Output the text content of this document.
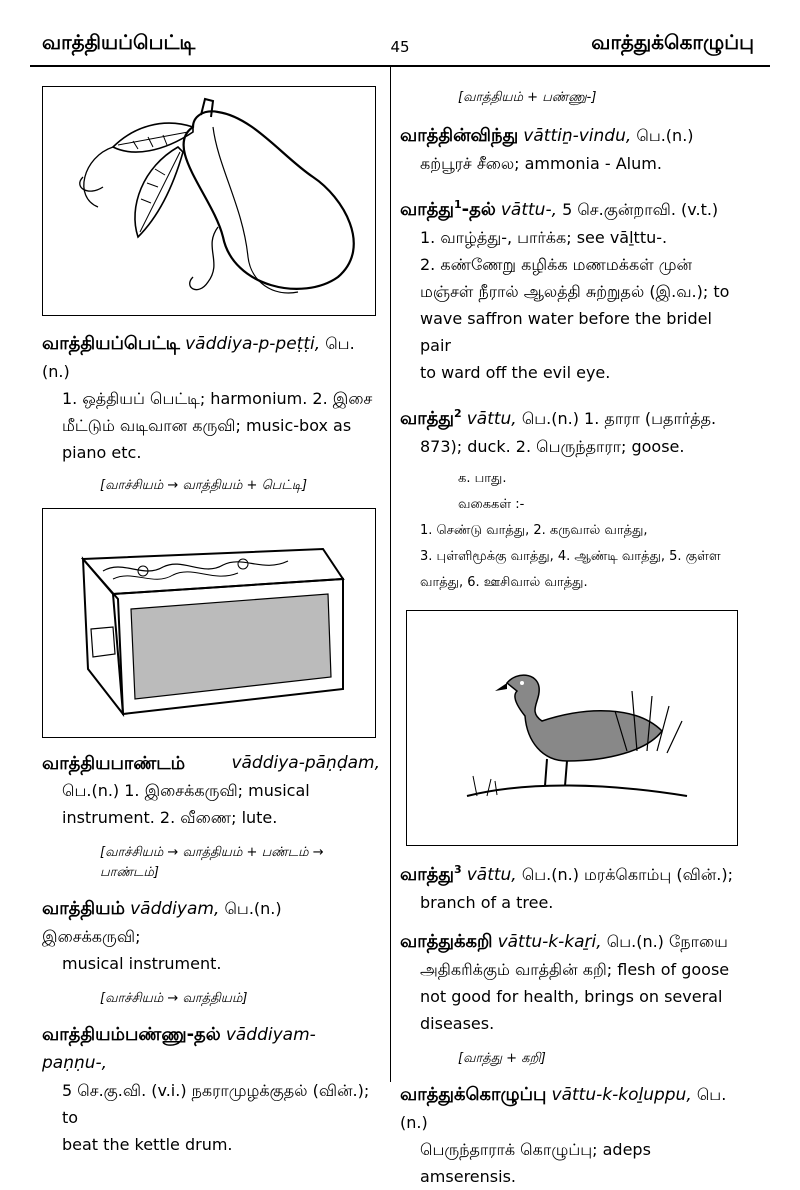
வாத்தியப்பெட்டி	45	வாத்துக்கொழுப்பு

வாத்தியப்பெட்டி vāddiya-p-peṭṭi, பெ.(n.)

1. ஒத்தியப் பெட்டி; harmonium. 2. இசை

மீட்டும் வடிவான கருவி; music-box as

piano etc.

[வாச்சியம் → வாத்தியம் + பெட்டி]

வாத்தியபாண்டம்	vāddiya-pāṇḍam,

பெ.(n.) 1. இசைக்கருவி; musical

instrument. 2. வீணை; lute.

[வாச்சியம் → வாத்தியம் + பண்டம் →

பாண்டம்]

வாத்தியம் vāddiyam, பெ.(n.) இசைக்கருவி;

musical instrument.

[வாச்சியம் → வாத்தியம்]

வாத்தியம்பண்ணு-தல் vāddiyam-paṇṇu-,

5 செ.கு.வி. (v.i.) நகராமுழக்குதல் (வின்.); to

beat the kettle drum.

[வாத்தியம் + பண்ணு-]

வாத்தின்விந்து vāttiṉ-vindu, பெ.(n.)

கற்பூரச் சீலை; ammonia - Alum.

வாத்து$^1$-தல் vāttu-, 5 செ.குன்றாவி. (v.t.)

1. வாழ்த்து-, பார்க்க; see vāḻttu-.

2. கண்ணேறு கழிக்க மணமக்கள் முன்

மஞ்சள் நீரால் ஆலத்தி சுற்றுதல் (இ.வ.); to

wave saffron water before the bridel pair

to ward off the evil eye.

வாத்து$^2$ vāttu, பெ.(n.) 1. தாரா (பதார்த்த.

873); duck. 2. பெருந்தாரா; goose.

க. பாது.

வகைகள் :-

1. செண்டு வாத்து, 2. கருவால் வாத்து,

3. புள்ளிமூக்கு வாத்து, 4. ஆண்டி வாத்து, 5. குள்ள

வாத்து, 6. ஊசிவால் வாத்து.

வாத்து$^3$ vāttu, பெ.(n.) மரக்கொம்பு (வின்.);

branch of a tree.

வாத்துக்கறி vāttu-k-kaṟi, பெ.(n.) நோயை

அதிகரிக்கும் வாத்தின் கறி; flesh of goose

not good for health, brings on several

diseases.

[வாத்து + கறி]

வாத்துக்கொழுப்பு vāttu-k-koḻuppu, பெ.(n.)

பெருந்தாராக் கொழுப்பு; adeps amserensis.
